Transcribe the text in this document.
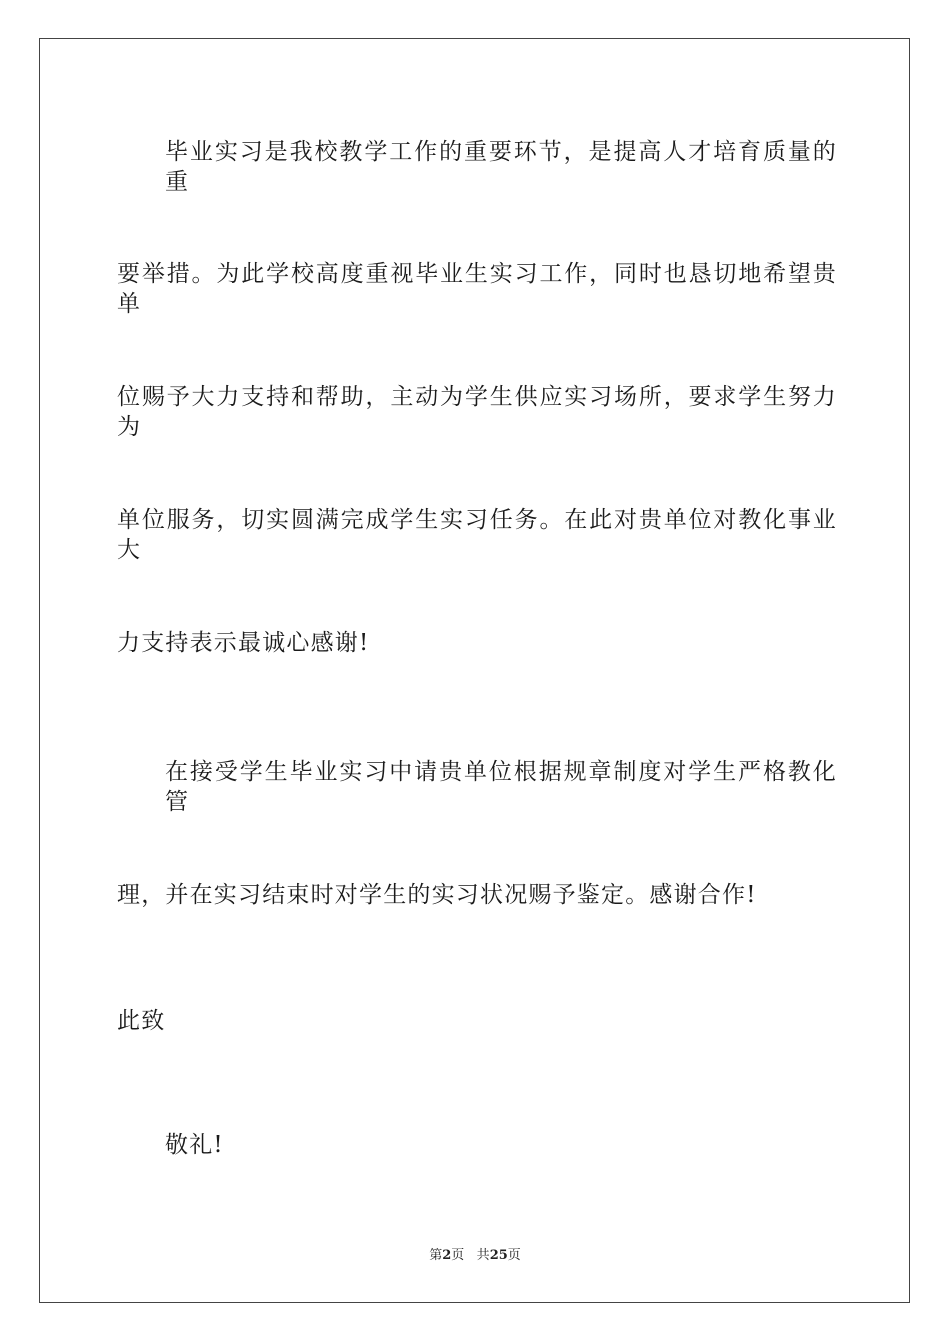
毕业实习是我校教学工作的重要环节，是提高人才培育质量的重
要举措。为此学校高度重视毕业生实习工作，同时也恳切地希望贵单
位赐予大力支持和帮助，主动为学生供应实习场所，要求学生努力为
单位服务，切实圆满完成学生实习任务。在此对贵单位对教化事业大
力支持表示最诚心感谢!
在接受学生毕业实习中请贵单位根据规章制度对学生严格教化管
理，并在实习结束时对学生的实习状况赐予鉴定。感谢合作!
此致
敬礼!
第2页 共25页
